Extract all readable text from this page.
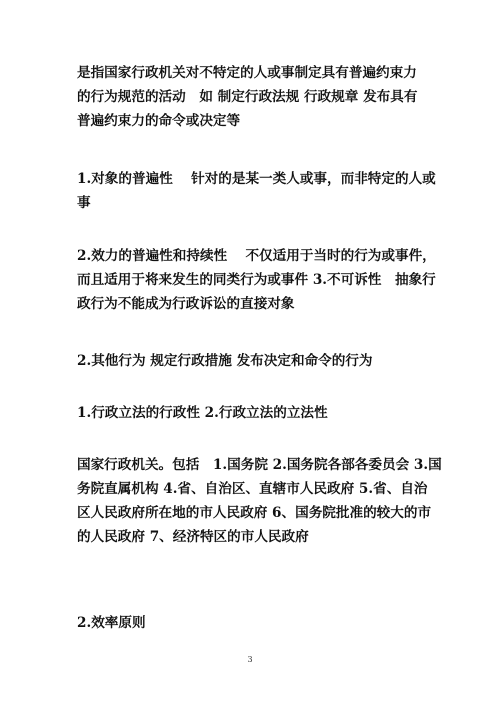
是指国家行政机关对不特定的人或事制定具有普遍约束力
的行为规范的活动　如 制定行政法规 行政规章 发布具有
普遍约束力的命令或决定等
1.对象的普遍性　 针对的是某一类人或事，而非特定的人或
事
2.效力的普遍性和持续性　 不仅适用于当时的行为或事件，
而且适用于将来发生的同类行为或事件 3.不可诉性　抽象行
政行为不能成为行政诉讼的直接对象
2.其他行为 规定行政措施 发布决定和命令的行为
1.行政立法的行政性 2.行政立法的立法性
国家行政机关。包括　1.国务院 2.国务院各部各委员会 3.国
务院直属机构 4.省、自治区、直辖市人民政府 5.省、自治
区人民政府所在地的市人民政府 6、国务院批准的较大的市
的人民政府 7、经济特区的市人民政府
2.效率原则
3
